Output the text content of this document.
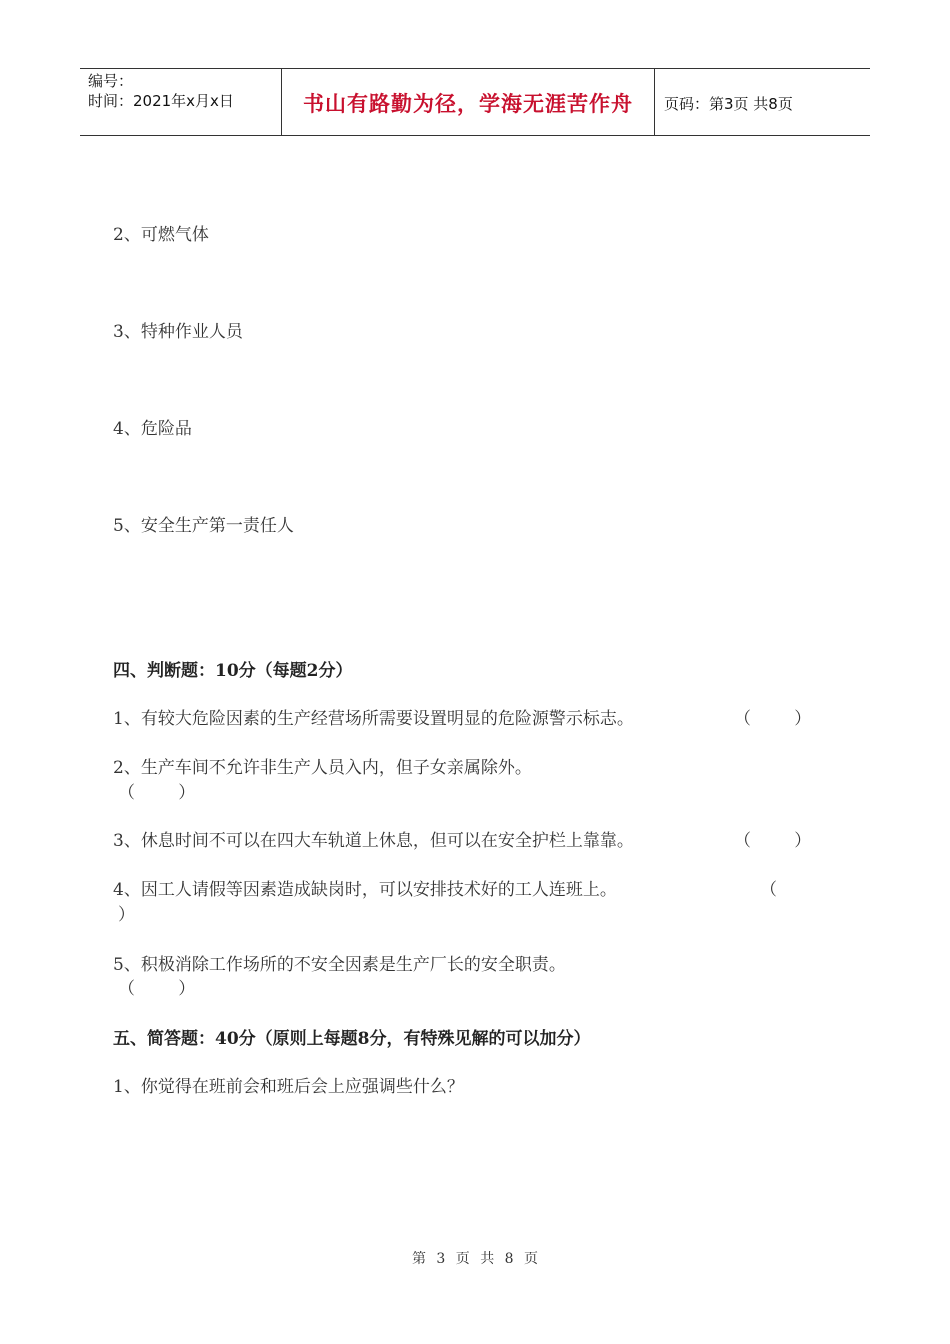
编号：
时间：2021年x月x日	书山有路勤为径，学海无涯苦作舟	页码：第3页 共8页
2、可燃气体
3、特种作业人员
4、危险品
5、安全生产第一责任人
四、判断题：10分（每题2分）
1、有较大危险因素的生产经营场所需要设置明显的危险源警示标志。	（        ）
2、生产车间不允许非生产人员入内，但子女亲属除外。
（        ）
3、休息时间不可以在四大车轨道上休息，但可以在安全护栏上靠靠。	（        ）
4、因工人请假等因素造成缺岗时，可以安排技术好的工人连班上。	（
）
5、积极消除工作场所的不安全因素是生产厂长的安全职责。
（        ）
五、简答题：40分（原则上每题8分，有特殊见解的可以加分）
1、你觉得在班前会和班后会上应强调些什么？
第 3 页 共 8 页
